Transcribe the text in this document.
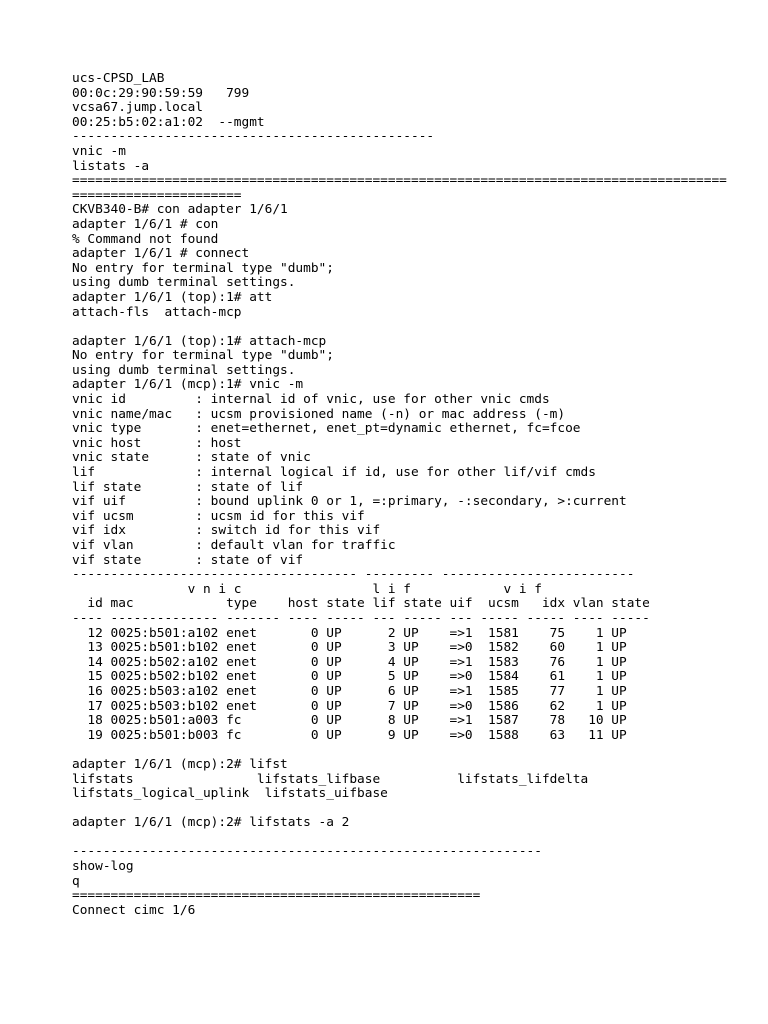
ucs-CPSD_LAB
00:0c:29:90:59:59   799
vcsa67.jump.local
00:25:b5:02:a1:02  --mgmt
-----------------------------------------------
vnic -m
listats -a
=====================================================================================
======================
CKVB340-B# con adapter 1/6/1
adapter 1/6/1 # con
% Command not found
adapter 1/6/1 # connect
No entry for terminal type "dumb";
using dumb terminal settings.
adapter 1/6/1 (top):1# att
attach-fls  attach-mcp

adapter 1/6/1 (top):1# attach-mcp
No entry for terminal type "dumb";
using dumb terminal settings.
adapter 1/6/1 (mcp):1# vnic -m
vnic id         : internal id of vnic, use for other vnic cmds
vnic name/mac   : ucsm provisioned name (-n) or mac address (-m)
vnic type       : enet=ethernet, enet_pt=dynamic ethernet, fc=fcoe
vnic host       : host
vnic state      : state of vnic
lif             : internal logical if id, use for other lif/vif cmds
lif state       : state of lif
vif uif         : bound uplink 0 or 1, =:primary, -:secondary, >:current
vif ucsm        : ucsm id for this vif
vif idx         : switch id for this vif
vif vlan        : default vlan for traffic
vif state       : state of vif
------------------------------------- --------- -------------------------
v n i c                 l i f            v i f
id mac            type    host state lif state uif  ucsm   idx vlan state
---- -------------- ------- ---- ----- --- ----- --- ----- ----- ---- -----
12 0025:b501:a102 enet       0 UP      2 UP    =>1  1581    75    1 UP
13 0025:b501:b102 enet       0 UP      3 UP    =>0  1582    60    1 UP
14 0025:b502:a102 enet       0 UP      4 UP    =>1  1583    76    1 UP
15 0025:b502:b102 enet       0 UP      5 UP    =>0  1584    61    1 UP
16 0025:b503:a102 enet       0 UP      6 UP    =>1  1585    77    1 UP
17 0025:b503:b102 enet       0 UP      7 UP    =>0  1586    62    1 UP
18 0025:b501:a003 fc         0 UP      8 UP    =>1  1587    78   10 UP
19 0025:b501:b003 fc         0 UP      9 UP    =>0  1588    63   11 UP

adapter 1/6/1 (mcp):2# lifst
lifstats                lifstats_lifbase          lifstats_lifdelta
lifstats_logical_uplink  lifstats_uifbase

adapter 1/6/1 (mcp):2# lifstats -a 2

-------------------------------------------------------------
show-log
q
=====================================================
Connect cimc 1/6
